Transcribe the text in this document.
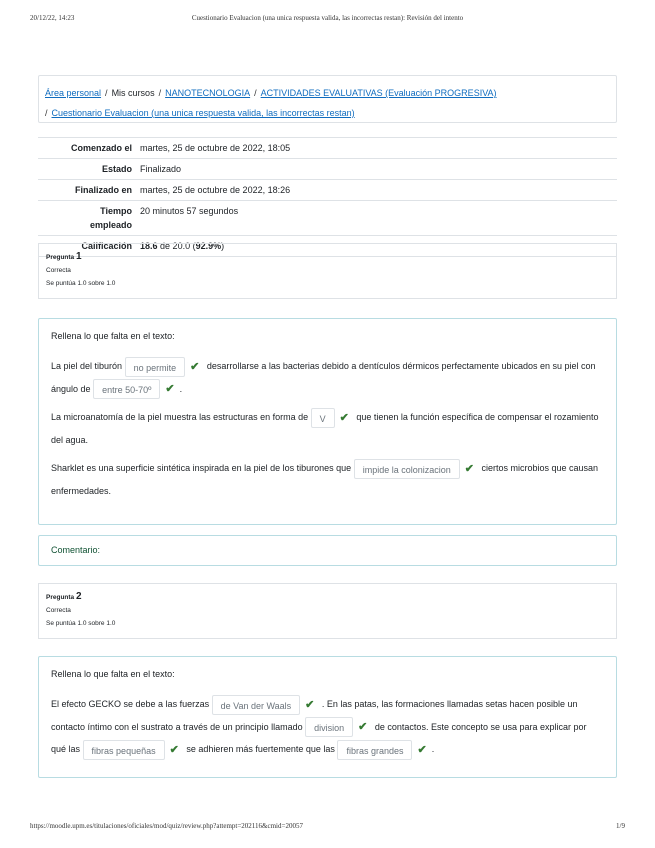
20/12/22, 14:23	Cuestionario Evaluacion (una unica respuesta valida, las incorrectas restan): Revisión del intento
Área personal / Mis cursos / NANOTECNOLOGIA / ACTIVIDADES EVALUATIVAS (Evaluación PROGRESIVA)
/ Cuestionario Evaluacion (una unica respuesta valida, las incorrectas restan)
Comenzado el	martes, 25 de octubre de 2022, 18:05
Estado	Finalizado
Finalizado en	martes, 25 de octubre de 2022, 18:26
Tiempo
empleado	20 minutos 57 segundos
Calificación	18.6 de 20.0 (92.9%)
Pregunta 1
Correcta
Se puntúa 1.0 sobre 1.0
Rellena lo que falta en el texto:

La piel del tiburón no permite ✔ desarrollarse a las bacterias debido a dentículos dérmicos perfectamente ubicados en su piel con ángulo de entre 50-70º ✔ .

La microanatomía de la piel muestra las estructuras en forma de V ✔ que tienen la función específica de compensar el rozamiento del agua.

Sharklet es una superficie sintética inspirada en la piel de los tiburones que impide la colonizacion ✔ ciertos microbios que causan enfermedades.

Comentario:
Pregunta 2
Correcta
Se puntúa 1.0 sobre 1.0
Rellena lo que falta en el texto:

El efecto GECKO se debe a las fuerzas de Van der Waals ✔ . En las patas, las formaciones llamadas setas hacen posible un contacto íntimo con el sustrato a través de un principio llamado division ✔ de contactos. Este concepto se usa para explicar por qué las fibras pequeñas ✔ se adhieren más fuertemente que las fibras grandes ✔ .

https://moodle.upm.es/titulaciones/oficiales/mod/quiz/review.php?attempt=202116&cmid=20057	1/9
